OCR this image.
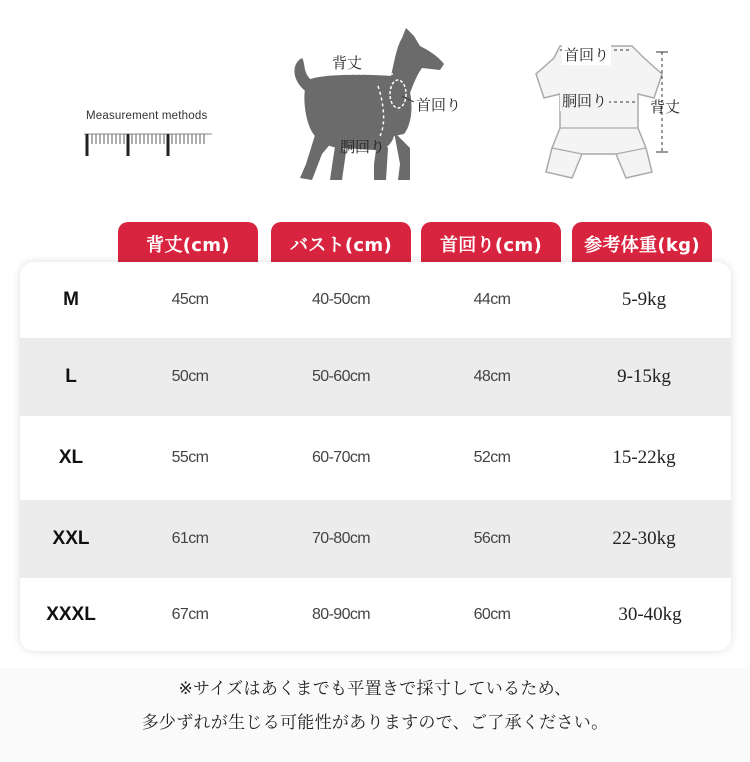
Measurement methods
背丈
首回り
胴回り
首回り
胴回り	背丈
背丈(cm)	バスト(cm)	首回り(cm)	参考体重(kg)
M	45cm	40-50cm	44cm	5-9kg
L	50cm	50-60cm	48cm	9-15kg
XL	55cm	60-70cm	52cm	15-22kg
XXL	61cm	70-80cm	56cm	22-30kg
XXXL	67cm	80-90cm	60cm	30-40kg
※サイズはあくまでも平置きで採寸しているため、
多少ずれが生じる可能性がありますので、ご了承ください。
